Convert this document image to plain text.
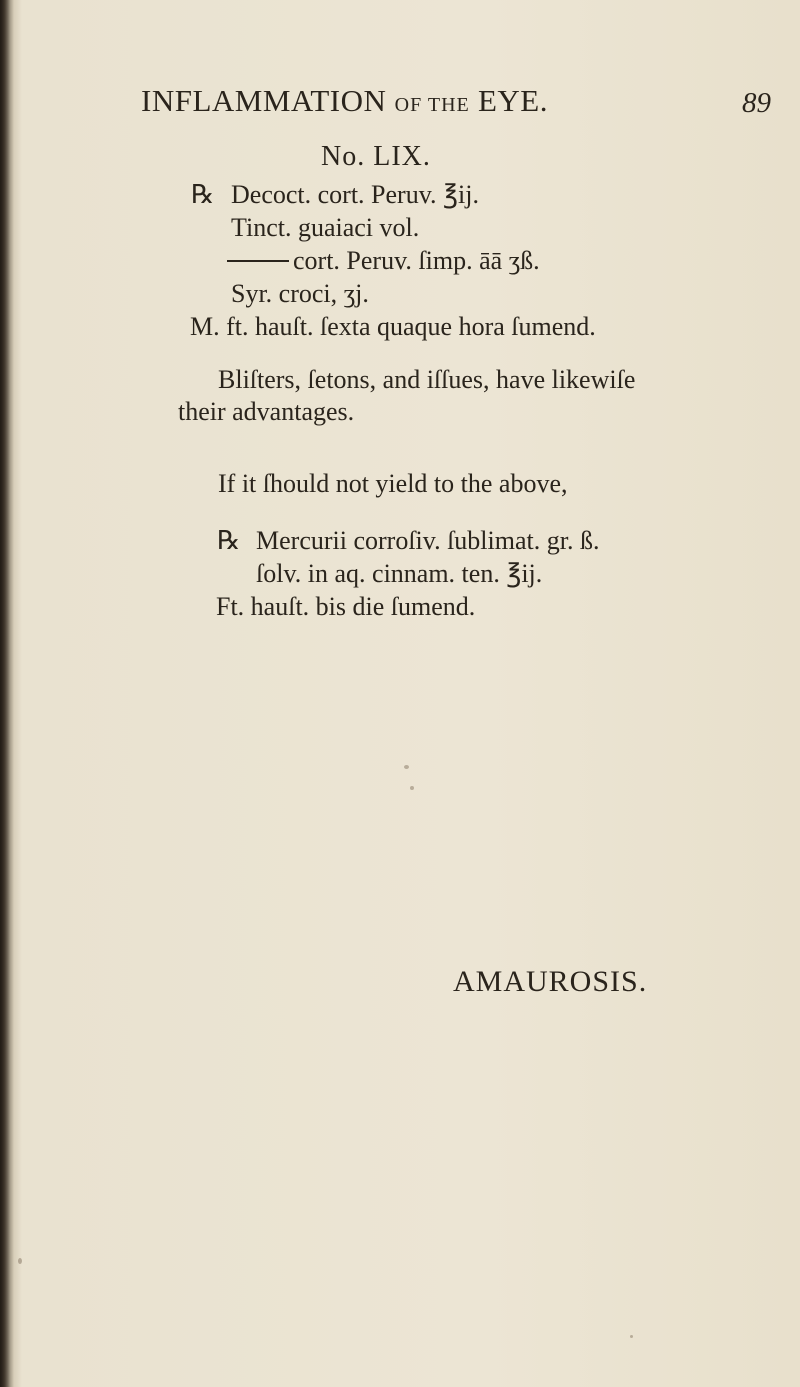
INFLAMMATION OF THE EYE.	89
No. LIX.
℞ Decoct. cort. Peruv. ℥ij.
Tinct. guaiaci vol.
cort. Peruv. ſimp. āā ʒß.
Syr. croci, ʒj.
M. ft. hauſt. ſexta quaque hora ſumend.
Bliſters, ſetons, and iſſues, have likewiſe
their advantages.
If it ſhould not yield to the above,
℞ Mercurii corroſiv. ſublimat. gr. ß.
ſolv. in aq. cinnam. ten. ℥ij.
Ft. hauſt. bis die ſumend.
AMAUROSIS.
